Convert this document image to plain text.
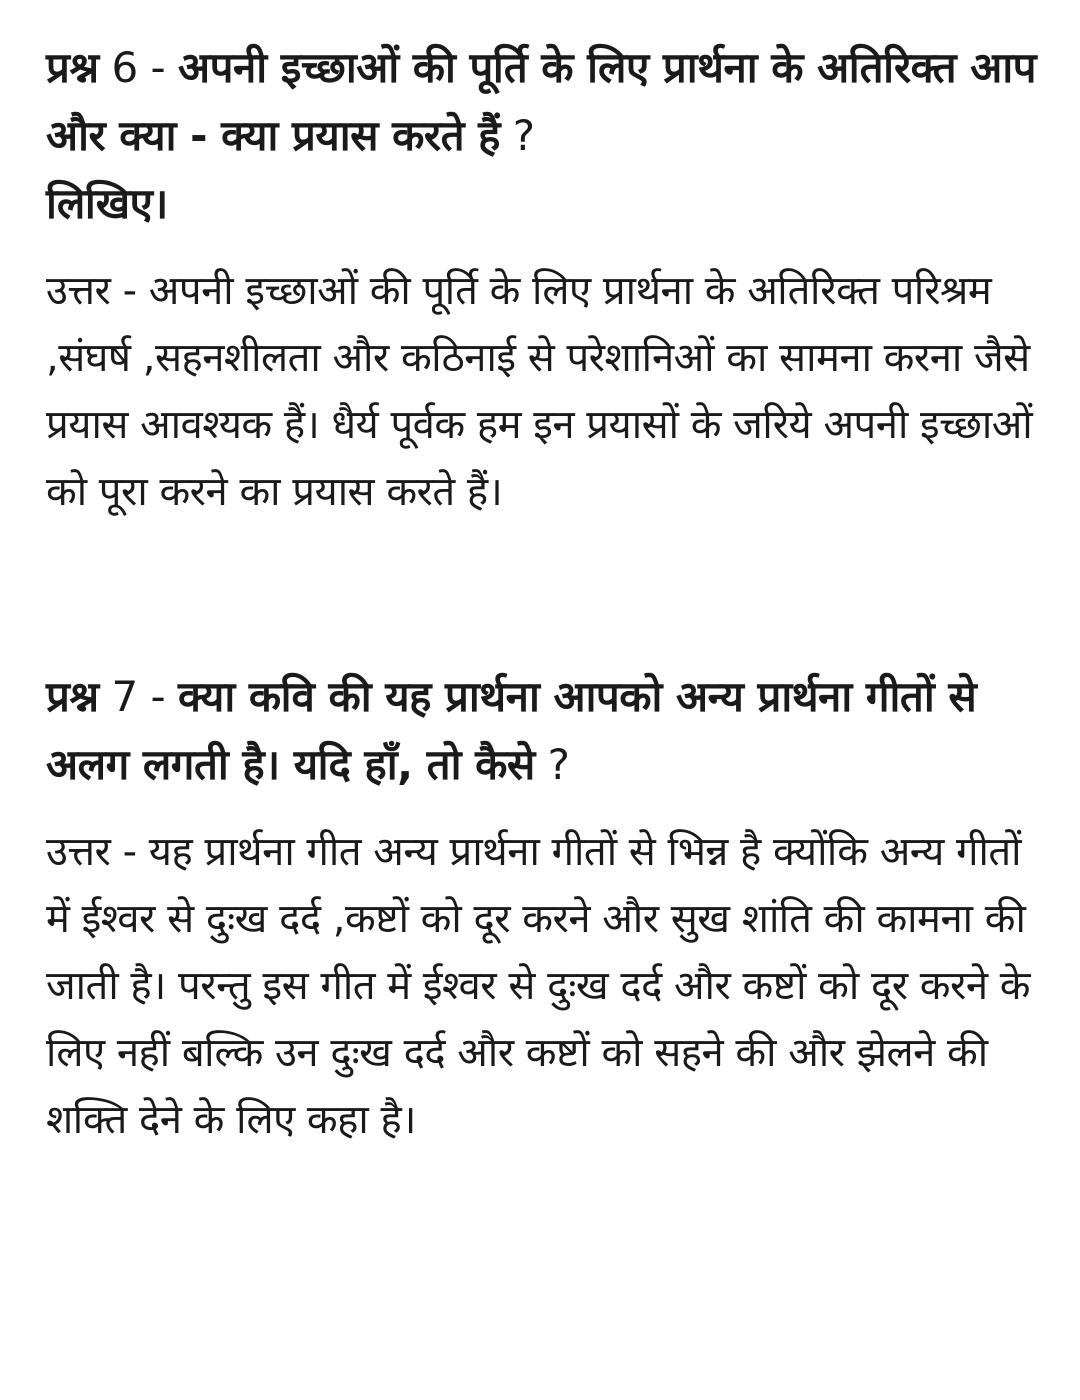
प्रश्न 6 - अपनी इच्छाओं की पूर्ति के लिए प्रार्थना के अतिरिक्त आप और क्या - क्या प्रयास करते हैं ?
लिखिए।

उत्तर - अपनी इच्छाओं की पूर्ति के लिए प्रार्थना के अतिरिक्त परिश्रम ,संघर्ष ,सहनशीलता और कठिनाई से परेशानिओं का सामना करना जैसे प्रयास आवश्यक हैं। धैर्य पूर्वक हम इन प्रयासों के जरिये अपनी इच्छाओं को पूरा करने का प्रयास करते हैं।

प्रश्न 7 - क्या कवि की यह प्रार्थना आपको अन्य प्रार्थना गीतों से अलग लगती है। यदि हाँ, तो कैसे ?

उत्तर - यह प्रार्थना गीत अन्य प्रार्थना गीतों से भिन्न है क्योंकि अन्य गीतों में ईश्वर से दुःख दर्द ,कष्टों को दूर करने और सुख शांति की कामना की जाती है। परन्तु इस गीत में ईश्वर से दुःख दर्द और कष्टों को दूर करने के लिए नहीं बल्कि उन दुःख दर्द और कष्टों को सहने की और झेलने की शक्ति देने के लिए कहा है।
